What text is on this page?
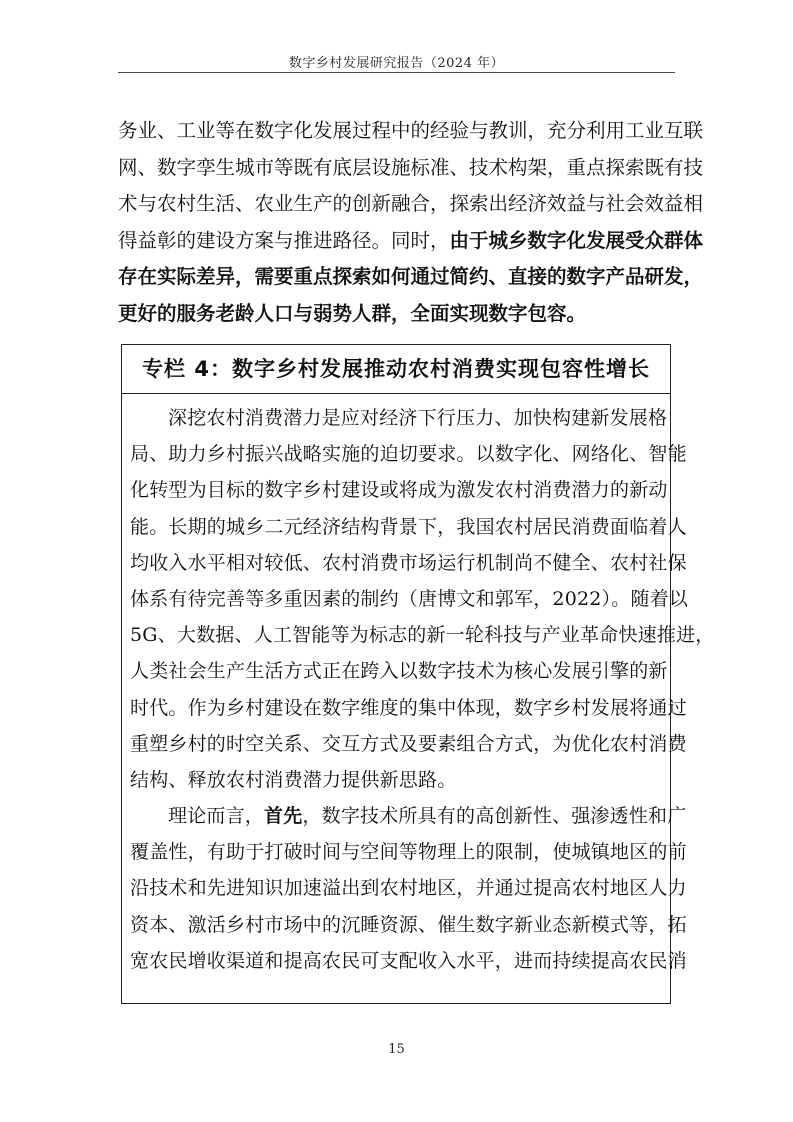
数字乡村发展研究报告（2024 年）
务业、工业等在数字化发展过程中的经验与教训，充分利用工业互联
网、数字孪生城市等既有底层设施标准、技术构架，重点探索既有技
术与农村生活、农业生产的创新融合，探索出经济效益与社会效益相
得益彰的建设方案与推进路径。同时，由于城乡数字化发展受众群体
存在实际差异，需要重点探索如何通过简约、直接的数字产品研发，
更好的服务老龄人口与弱势人群，全面实现数字包容。
专栏 4：数字乡村发展推动农村消费实现包容性增长
深挖农村消费潜力是应对经济下行压力、加快构建新发展格
局、助力乡村振兴战略实施的迫切要求。以数字化、网络化、智能
化转型为目标的数字乡村建设或将成为激发农村消费潜力的新动
能。长期的城乡二元经济结构背景下，我国农村居民消费面临着人
均收入水平相对较低、农村消费市场运行机制尚不健全、农村社保
体系有待完善等多重因素的制约（唐博文和郭军，2022）。随着以
5G、大数据、人工智能等为标志的新一轮科技与产业革命快速推进，
人类社会生产生活方式正在跨入以数字技术为核心发展引擎的新
时代。作为乡村建设在数字维度的集中体现，数字乡村发展将通过
重塑乡村的时空关系、交互方式及要素组合方式，为优化农村消费
结构、释放农村消费潜力提供新思路。
理论而言，首先，数字技术所具有的高创新性、强渗透性和广
覆盖性，有助于打破时间与空间等物理上的限制，使城镇地区的前
沿技术和先进知识加速溢出到农村地区，并通过提高农村地区人力
资本、激活乡村市场中的沉睡资源、催生数字新业态新模式等，拓
宽农民增收渠道和提高农民可支配收入水平，进而持续提高农民消
15
